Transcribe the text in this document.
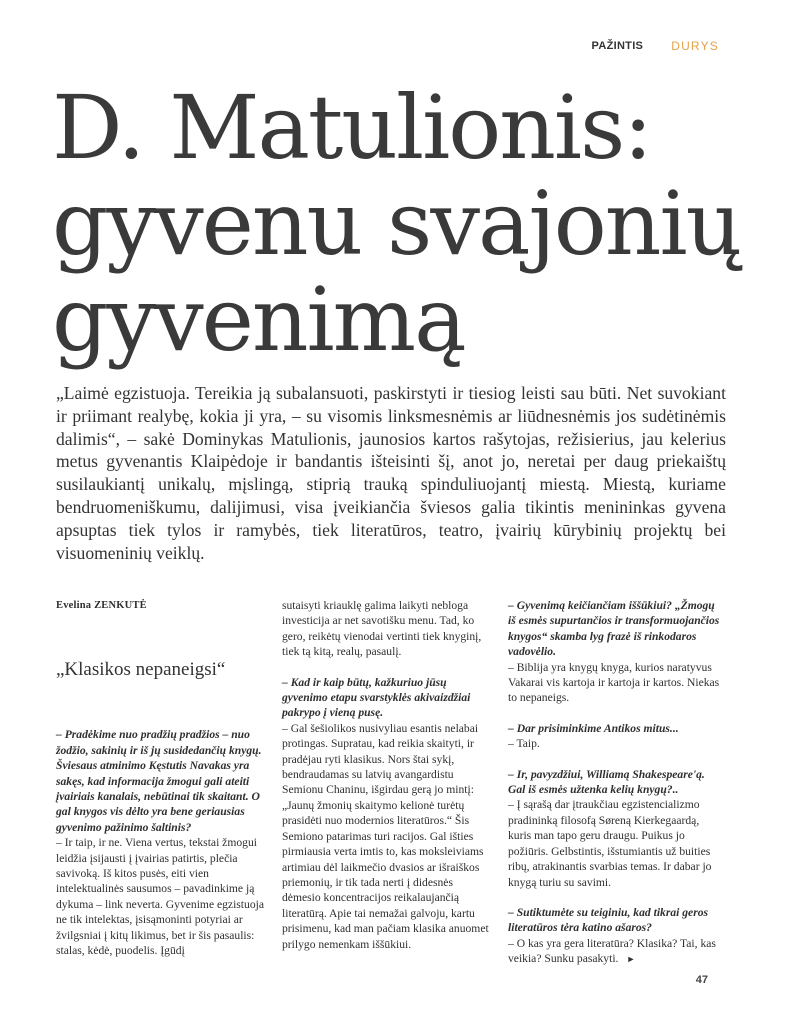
PAŽINTIS DURYS
D. Matulionis:
gyvenu svajonių
gyvenimą

„Laimė egzistuoja. Tereikia ją subalansuoti, paskirstyti ir tiesiog leisti sau būti. Net suvokiant ir priimant realybę, kokia ji yra, – su visomis linksmesnėmis ar liūdnesnėmis jos sudėtinėmis dalimis“, – sakė Dominykas Matulionis, jaunosios kartos rašytojas, režisierius, jau kelerius metus gyvenantis Klaipėdoje ir bandantis išteisinti šį, anot jo, neretai per daug priekaištų susilaukiantį unikalų, mįslingą, stiprią trauką spinduliuojantį miestą. Miestą, kuriame bendruomeniškumu, dalijimusi, visa įveikiančia šviesos galia tikintis menininkas gyvena apsuptas tiek tylos ir ramybės, tiek literatūros, teatro, įvairių kūrybinių projektų bei visuomeninių veiklų.

Evelina ZENKUTĖ

„Klasikos nepaneigsi“

– Pradėkime nuo pradžių pradžios – nuo žodžio, sakinių ir iš jų susidedančių knygų. Šviesaus atminimo Kęstutis Navakas yra sakęs, kad informacija žmogui gali ateiti įvairiais kanalais, nebūtinai tik skaitant. O gal knygos vis dėlto yra bene geriausias gyvenimo pažinimo šaltinis?

– Ir taip, ir ne. Viena vertus, tekstai žmogui leidžia įsijausti į įvairias patirtis, plečia savivoką. Iš kitos pusės, eiti vien intelektualinės sausumos – pavadinkime ją dykuma – link neverta. Gyvenime egzistuoja ne tik intelektas, įsisąmoninti potyriai ar žvilgsniai į kitų likimus, bet ir šis pasaulis: stalas, kėdė, puodelis. Įgūdį

sutaisyti kriauklę galima laikyti nebloga investicija ar net savotišku menu. Tad, ko gero, reikėtų vienodai vertinti tiek knyginį, tiek tą kitą, realų, pasaulį.

– Kad ir kaip būtų, kažkuriuo jūsų gyvenimo etapu svarstyklės akivaizdžiai pakrypo į vieną pusę.

– Gal šešiolikos nusivyliau esantis nelabai protingas. Supratau, kad reikia skaityti, ir pradėjau ryti klasikus. Nors štai sykį, bendraudamas su latvių avangardistu Semionu Chaninu, išgirdau gerą jo mintį: „Jaunų žmonių skaitymo kelionė turėtų prasidėti nuo modernios literatūros.“ Šis Semiono patarimas turi racijos. Gal išties pirmiausia verta imtis to, kas moksleiviams artimiau dėl laikmečio dvasios ar išraiškos priemonių, ir tik tada nerti į didesnės dėmesio koncentracijos reikalaujančią literatūrą. Apie tai nemažai galvoju, kartu prisimenu, kad man pačiam klasika anuomet prilygo nemenkam iššūkiui.

– Gyvenimą keičiančiam iššūkiui? „Žmogų iš esmės supurtančios ir transformuojančios knygos“ skamba lyg frazė iš rinkodaros vadovėlio.

– Biblija yra knygų knyga, kurios naratyvus Vakarai vis kartoja ir kartoja ir kartos. Niekas to nepaneigs.

– Dar prisiminkime Antikos mitus...

– Taip.

– Ir, pavyzdžiui, Williamą Shakespeare'ą. Gal iš esmės užtenka kelių knygų?..

– Į sąrašą dar įtraukčiau egzistencializmo pradininką filosofą Søreną Kierkegaardą, kuris man tapo geru draugu. Puikus jo požiūris. Gelbstintis, išstumiantis už buities ribų, atrakinantis svarbias temas. Ir dabar jo knygą turiu su savimi.

– Sutiktumėte su teiginiu, kad tikrai geros literatūros tėra katino ašaros?

– O kas yra gera literatūra? Klasika? Tai, kas veikia? Sunku pasakyti. ►

47
